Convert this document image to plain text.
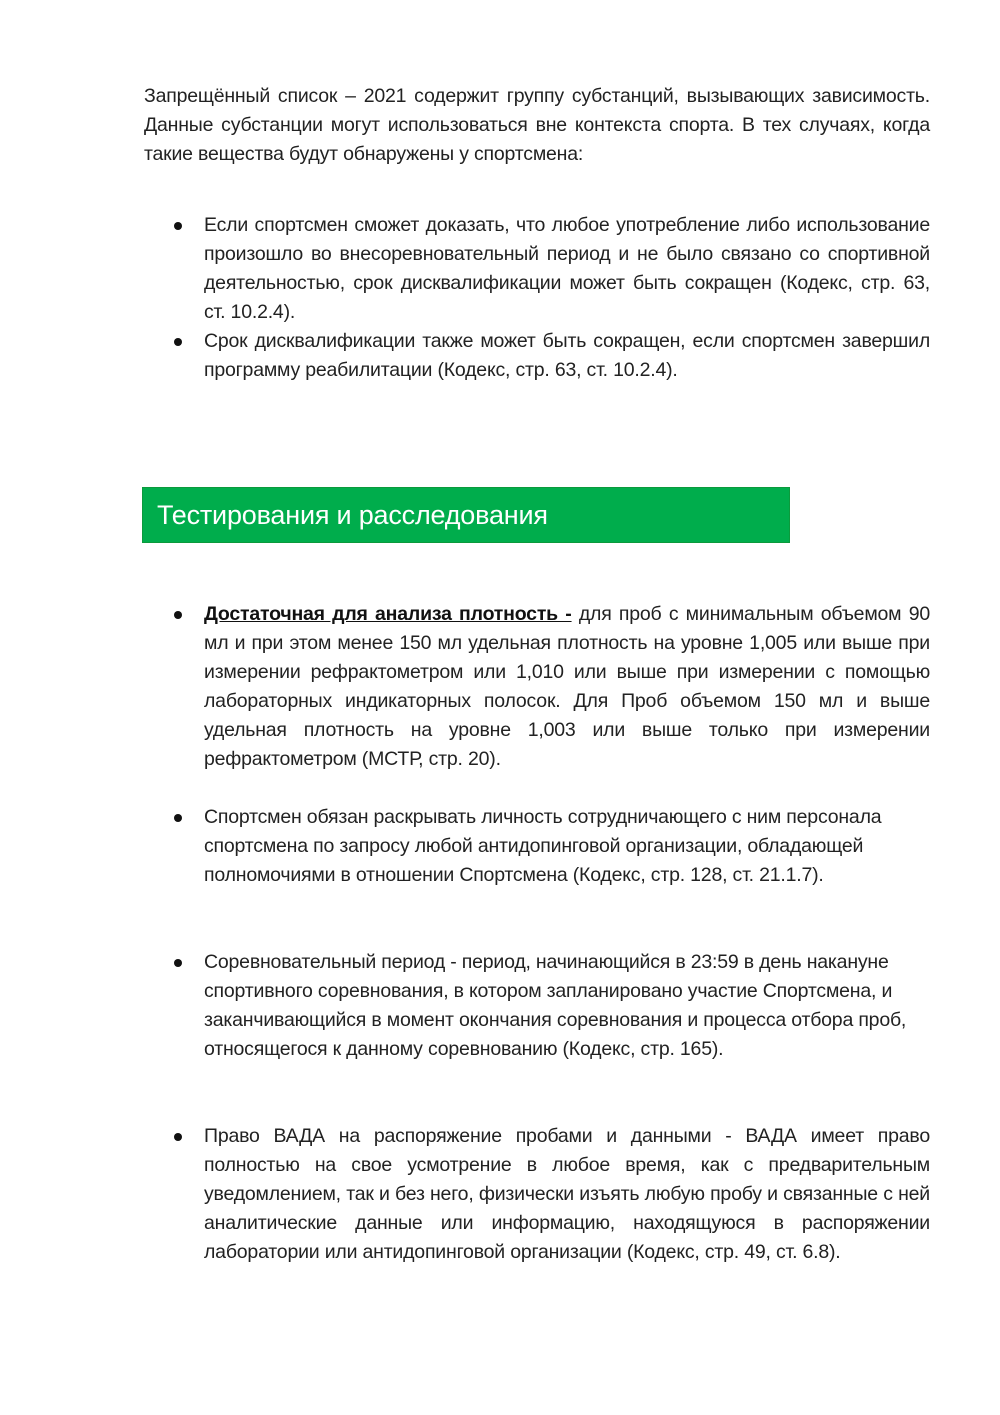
Запрещённый список – 2021 содержит группу субстанций, вызывающих зависимость. Данные субстанции могут использоваться вне контекста спорта. В тех случаях, когда такие вещества будут обнаружены у спортсмена:

Если спортсмен сможет доказать, что любое употребление либо использование произошло во внесоревновательный период и не было связано со спортивной деятельностью, срок дисквалификации может быть сокращен (Кодекс, стр. 63, ст. 10.2.4).
Срок дисквалификации также может быть сокращен, если спортсмен завершил программу реабилитации (Кодекс, стр. 63, ст. 10.2.4).
Тестирования и расследования
Достаточная для анализа плотность - для проб с минимальным объемом 90 мл и при этом менее 150 мл удельная плотность на уровне 1,005 или выше при измерении рефрактометром или 1,010 или выше при измерении с помощью лабораторных индикаторных полосок. Для Проб объемом 150 мл и выше удельная плотность на уровне 1,003 или выше только при измерении рефрактометром (МСТР, стр. 20).
Спортсмен обязан раскрывать личность сотрудничающего с ним персонала спортсмена по запросу любой антидопинговой организации, обладающей полномочиями в отношении Спортсмена (Кодекс, стр. 128, ст. 21.1.7).
Соревновательный период - период, начинающийся в 23:59 в день накануне спортивного соревнования, в котором запланировано участие Спортсмена, и заканчивающийся в момент окончания соревнования и процесса отбора проб, относящегося к данному соревнованию (Кодекс, стр. 165).
Право ВАДА на распоряжение пробами и данными - ВАДА имеет право полностью на свое усмотрение в любое время, как с предварительным уведомлением, так и без него, физически изъять любую пробу и связанные с ней аналитические данные или информацию, находящуюся в распоряжении лаборатории или антидопинговой организации (Кодекс, стр. 49, ст. 6.8).
